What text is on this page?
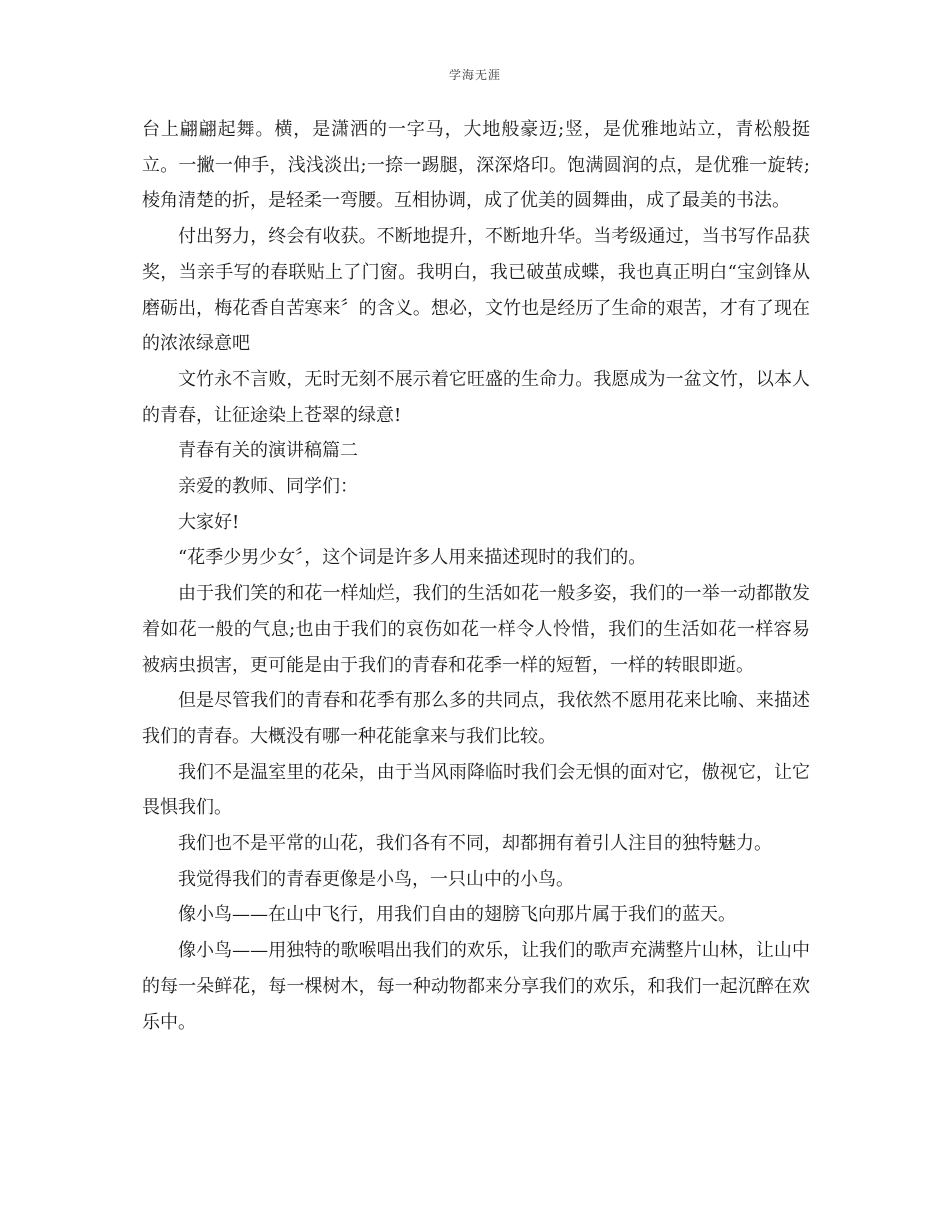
学海无涯

台上翩翩起舞。横，是潇洒的一字马，大地般豪迈;竖，是优雅地站立，青松般挺立。一撇一伸手，浅浅淡出;一捺一踢腿，深深烙印。饱满圆润的点，是优雅一旋转;棱角清楚的折，是轻柔一弯腰。互相协调，成了优美的圆舞曲，成了最美的书法。

付出努力，终会有收获。不断地提升，不断地升华。当考级通过，当书写作品获奖，当亲手写的春联贴上了门窗。我明白，我已破茧成蝶，我也真正明白“宝剑锋从磨砺出，梅花香自苦寒来〞的含义。想必，文竹也是经历了生命的艰苦，才有了现在的浓浓绿意吧

文竹永不言败，无时无刻不展示着它旺盛的生命力。我愿成为一盆文竹，以本人的青春，让征途染上苍翠的绿意!

青春有关的演讲稿篇二

亲爱的教师、同学们：

大家好!

“花季少男少女〞，这个词是许多人用来描述现时的我们的。

由于我们笑的和花一样灿烂，我们的生活如花一般多姿，我们的一举一动都散发着如花一般的气息;也由于我们的哀伤如花一样令人怜惜，我们的生活如花一样容易被病虫损害，更可能是由于我们的青春和花季一样的短暂，一样的转眼即逝。

但是尽管我们的青春和花季有那么多的共同点，我依然不愿用花来比喻、来描述我们的青春。大概没有哪一种花能拿来与我们比较。

我们不是温室里的花朵，由于当风雨降临时我们会无惧的面对它，傲视它，让它畏惧我们。

我们也不是平常的山花，我们各有不同，却都拥有着引人注目的独特魅力。

我觉得我们的青春更像是小鸟，一只山中的小鸟。

像小鸟——在山中飞行，用我们自由的翅膀飞向那片属于我们的蓝天。

像小鸟——用独特的歌喉唱出我们的欢乐，让我们的歌声充满整片山林，让山中的每一朵鲜花，每一棵树木，每一种动物都来分享我们的欢乐，和我们一起沉醉在欢乐中。
